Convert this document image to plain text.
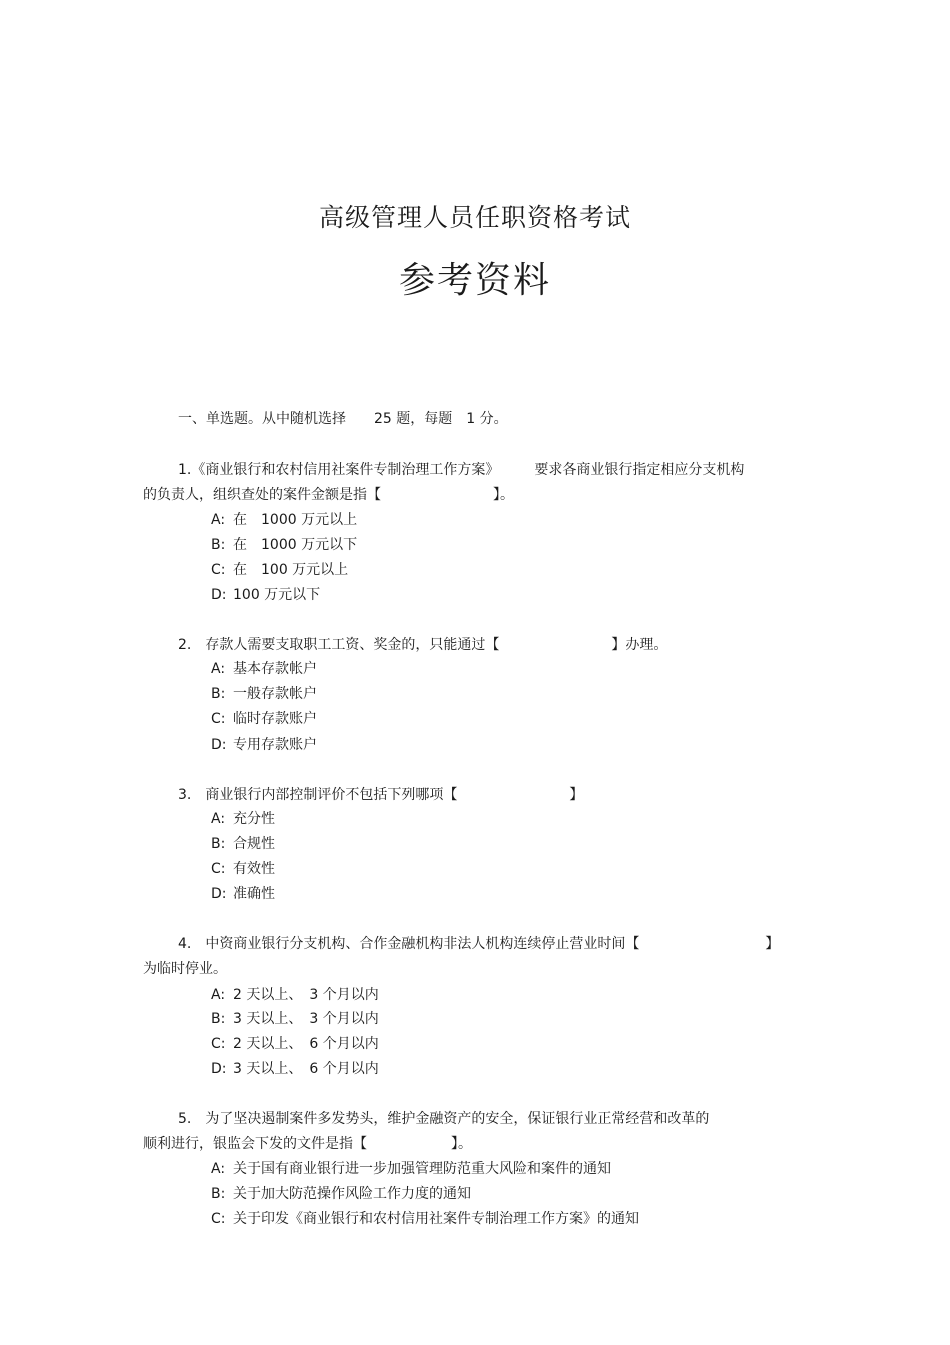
高级管理人员任职资格考试
参考资料
一、单选题。从中随机选择　　25 题，每题　1 分。
1.《商业银行和农村信用社案件专制治理工作方案》　　　要求各商业银行指定相应分支机构
的负责人，组织查处的案件金额是指【　　　　　　　　】。
A: 在　1000 万元以上
B: 在　1000 万元以下
C: 在　100 万元以上
D: 100 万元以下
2.　存款人需要支取职工工资、奖金的，只能通过【　　　　　　　　】办理。
A: 基本存款帐户
B: 一般存款帐户
C: 临时存款账户
D: 专用存款账户
3.　商业银行内部控制评价不包括下列哪项【　　　　　　　　】
A: 充分性
B: 合规性
C: 有效性
D: 准确性
4.　中资商业银行分支机构、合作金融机构非法人机构连续停止营业时间【　　　　　　　　　】
为临时停业。
A: 2 天以上、　3 个月以内
B: 3 天以上、　3 个月以内
C: 2 天以上、　6 个月以内
D: 3 天以上、　6 个月以内
5.　为了坚决遏制案件多发势头，维护金融资产的安全，保证银行业正常经营和改革的
顺利进行，银监会下发的文件是指【　　　　　　】。
A: 关于国有商业银行进一步加强管理防范重大风险和案件的通知
B: 关于加大防范操作风险工作力度的通知
C: 关于印发《商业银行和农村信用社案件专制治理工作方案》的通知
